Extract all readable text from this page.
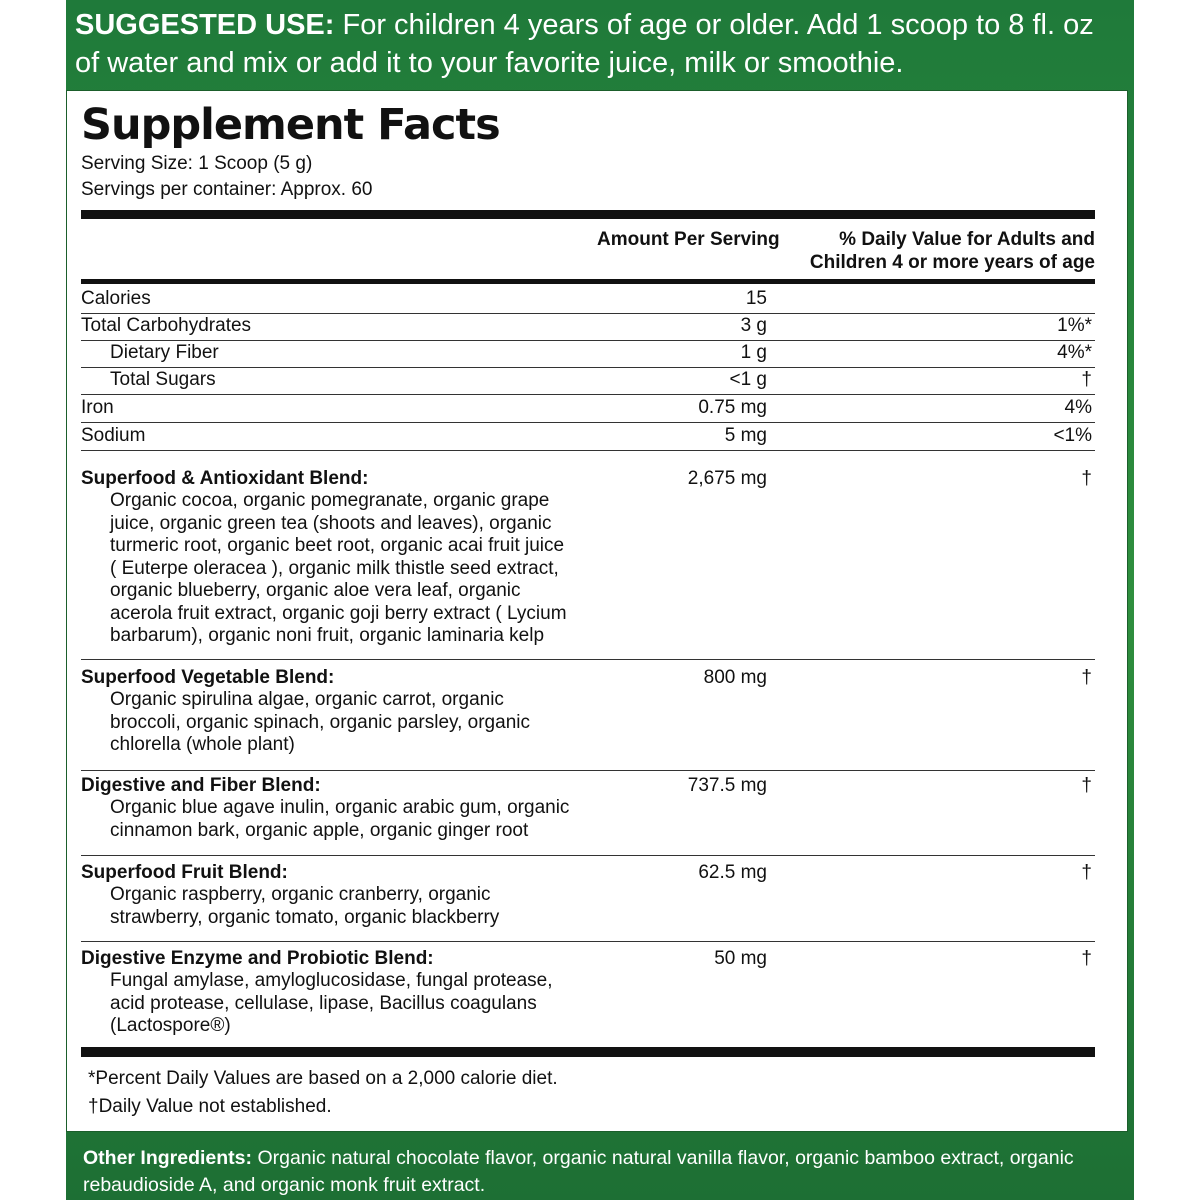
SUGGESTED USE: For children 4 years of age or older. Add 1 scoop to 8 fl. oz of water and mix or add it to your favorite juice, milk or smoothie.
Supplement Facts
Serving Size: 1 Scoop (5 g)
Servings per container: Approx. 60
Amount Per Serving	% Daily Value for Adults and
Children 4 or more years of age
Calories	15
Total Carbohydrates	3 g	1%*
Dietary Fiber	1 g	4%*
Total Sugars	<1 g	†
Iron	0.75 mg	4%
Sodium	5 mg	<1%
Superfood & Antioxidant Blend:	2,675 mg	†
Organic cocoa, organic pomegranate, organic grape
juice, organic green tea (shoots and leaves), organic
turmeric root, organic beet root, organic acai fruit juice
( Euterpe oleracea ), organic milk thistle seed extract,
organic blueberry, organic aloe vera leaf, organic
acerola fruit extract, organic goji berry extract ( Lycium
barbarum), organic noni fruit, organic laminaria kelp
Superfood Vegetable Blend:	800 mg	†
Organic spirulina algae, organic carrot, organic
broccoli, organic spinach, organic parsley, organic
chlorella (whole plant)
Digestive and Fiber Blend:	737.5 mg	†
Organic blue agave inulin, organic arabic gum, organic
cinnamon bark, organic apple, organic ginger root
Superfood Fruit Blend:	62.5 mg	†
Organic raspberry, organic cranberry, organic
strawberry, organic tomato, organic blackberry
Digestive Enzyme and Probiotic Blend:	50 mg	†
Fungal amylase, amyloglucosidase, fungal protease,
acid protease, cellulase, lipase, Bacillus coagulans
(Lactospore®)
*Percent Daily Values are based on a 2,000 calorie diet.
†Daily Value not established.
Other Ingredients: Organic natural chocolate flavor, organic natural vanilla flavor, organic bamboo extract, organic rebaudioside A, and organic monk fruit extract.
